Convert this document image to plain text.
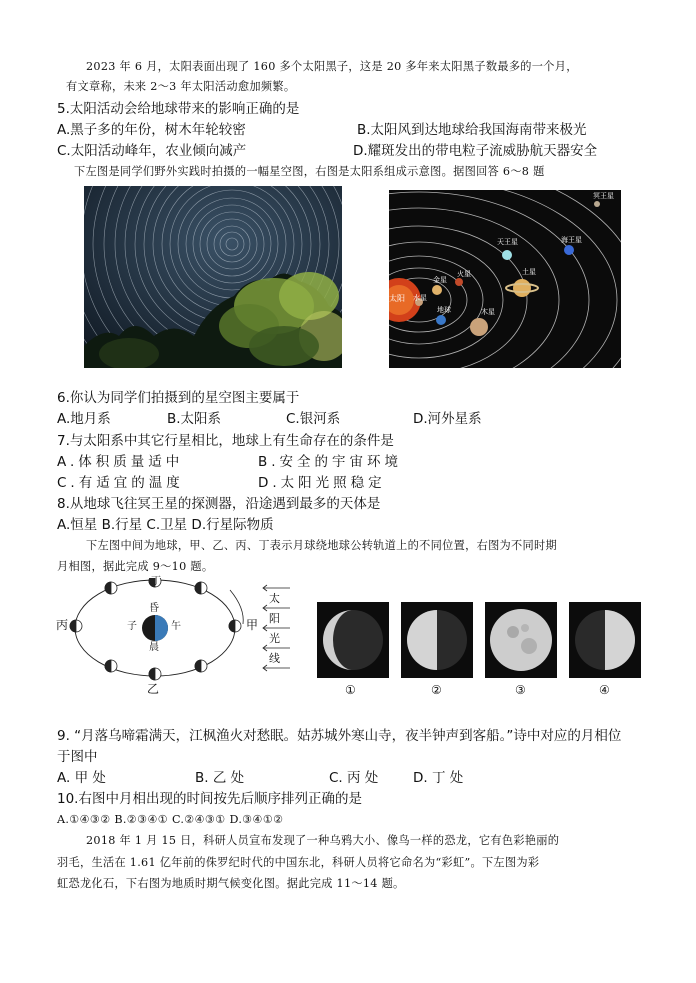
2023 年 6 月，太阳表面出现了 160 多个太阳黑子，这是 20 多年来太阳黑子数最多的一个月，
有文章称，未来 2～3 年太阳活动愈加频繁。
5.太阳活动会给地球带来的影响正确的是
A.黑子多的年份，树木年轮较密	B.太阳风到达地球给我国海南带来极光
C.太阳活动峰年，农业倾向减产	D.耀斑发出的带电粒子流威胁航天器安全
下左图是同学们野外实践时拍摄的一幅星空图，右图是太阳系组成示意图。据图回答 6～8 题
太阳 水星
金星
地球
火星
木星
土星
天王星	海王星
冥王星
6.你认为同学们拍摄到的星空图主要属于
A.地月系	B.太阳系	C.银河系	D.河外星系
7.与太阳系中其它行星相比，地球上有生命存在的条件是
A.体积质量适中	B.安全的宇宙环境
C.有适宜的温度	D.太阳光照稳定
8.从地球飞往冥王星的探测器，沿途遇到最多的天体是
A.恒星 B.行星 C.卫星 D.行星际物质
下左图中间为地球，甲、乙、丙、丁表示月球绕地球公转轨道上的不同位置，右图为不同时期
月相图，据此完成 9～10 题。
丁
甲
乙
丙
昏
晨
子	午
太
阳
光
线
①	②	③	④
9. “月落乌啼霜满天，江枫渔火对愁眠。姑苏城外寒山寺，夜半钟声到客船。”诗中对应的月相位
于图中
A. 甲 处	B. 乙 处	C. 丙 处	D. 丁 处
10.右图中月相出现的时间按先后顺序排列正确的是
A.①④③② B.②③④① C.②④③① D.③④①②
2018 年 1 月 15 日，科研人员宣布发现了一种乌鸦大小、像鸟一样的恐龙，它有色彩艳丽的
羽毛，生活在 1.61 亿年前的侏罗纪时代的中国东北，科研人员将它命名为“彩虹”。下左图为彩
虹恐龙化石，下右图为地质时期气候变化图。据此完成 11～14 题。
